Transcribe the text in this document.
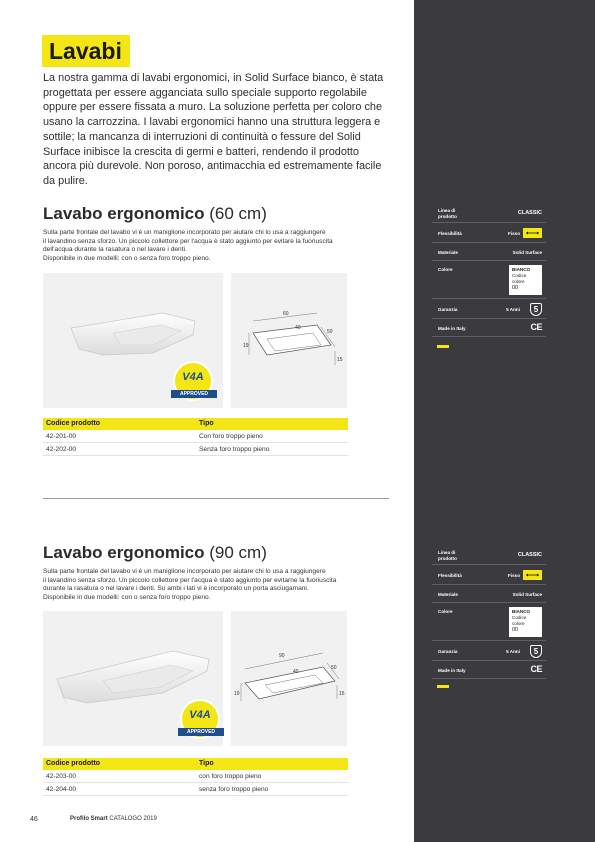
Lavabi
La nostra gamma di lavabi ergonomici, in Solid Surface bianco, è stata progettata per essere agganciata sullo speciale supporto regolabile oppure per essere fissata a muro. La soluzione perfetta per coloro che usano la carrozzina. I lavabi ergonomici hanno una struttura leggera e sottile; la mancanza di interruzioni di continuità o fessure del Solid Surface inibisce la crescita di germi e batteri, rendendo il prodotto ancora più durevole. Non poroso, antimacchia ed estremamente facile da pulire.
Lavabo ergonomico (60 cm)
Sulla parte frontale del lavabo vi è un maniglione incorporato per aiutare chi lo usa a raggiungere
il lavandino senza sforzo. Un piccolo collettore per l'acqua è stato aggiunto per evitare la fuoriuscita
dell'acqua durante la rasatura o nel lavare i denti.
Disponibile in due modelli: con o senza foro troppo pieno.
V4A
APPROVED
60
50
40
19
15
Codice prodotto	Tipo
42-201-00	Con foro troppo pieno
42-202-00	Senza foro troppo pieno
Lavabo ergonomico (90 cm)
Sulla parte frontale del lavabo vi è un maniglione incorporato per aiutare chi lo usa a raggiungere
il lavandino senza sforzo. Un piccolo collettore per l'acqua è stato aggiunto per evitarne la fuoriuscita
durante la rasatura o nel lavare i denti. Su ambi i lati vi è incorporato un porta asciugamani.
Disponibile in due modelli: con o senza foro troppo pieno.
V4A
APPROVED
90
50
40
19	15
Codice prodotto	Tipo
42-203-00	con foro troppo pieno
42-204-00	senza foro troppo pieno
Linea di prodotto	CLASSIC
Flessibilità	Fisso
Materiale	Solid Surface
Colore	BIANCO
Codice colore
00
Garanzia	5 Anni	5
Made in Italy	CE
Linea di prodotto	CLASSIC
Flessibilità	Fisso
Materiale	Solid Surface
Colore	BIANCO
Codice colore
00
Garanzia	5 Anni	5
Made in Italy	CE
46	Profilo Smart CATALOGO 2019
